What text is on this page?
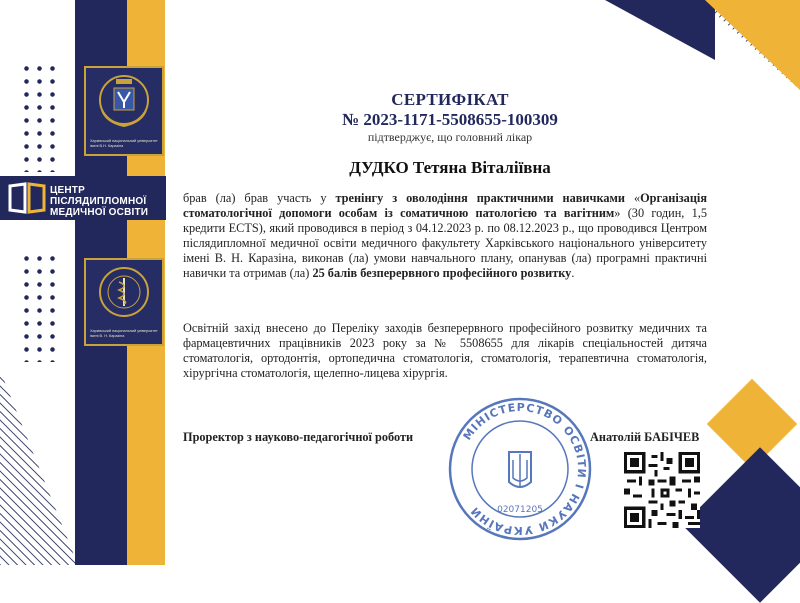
Харківський національний університет імені В.Н. Каразіна
ЦЕНТР
ПІСЛЯДИПЛОМНОЇ
МЕДИЧНОЇ ОСВІТИ
Харківський національний університет імені В. Н. Каразіна
СЕРТИФІКАТ
№ 2023-1171-5508655-100309
підтверджує, що головний лікар
ДУДКО Тетяна Віталіївна
брав (ла) брав участь у тренінгу з оволодіння практичними навичками «Організація стоматологічної допомоги особам із соматичною патологією та вагітним» (30 годин, 1,5 кредити ECTS), який проводився в період з 04.12.2023 р. по 08.12.2023 р., що проводився Центром післядипломної медичної освіти медичного факультету Харківського національного університету імені В. Н. Каразіна, виконав (ла) умови навчального плану, опанував (ла) програмні практичні навички та отримав (ла) 25 балів безперервного професійного розвитку.
Освітній захід внесено до Переліку заходів безперервного професійного розвитку медичних та фармацевтичних працівників 2023 року за № 5508655 для лікарів спеціальностей дитяча стоматологія, ортодонтія, ортопедична стоматологія, стоматологія, терапевтична стоматологія, хірургічна стоматологія, щелепно-лицева хірургія.
МІНІСТЕРСТВО ОСВІТИ І НАУКИ УКРАЇНИ	02071205
Проректор з науково-педагогічної роботи	Анатолій БАБІЧЕВ
